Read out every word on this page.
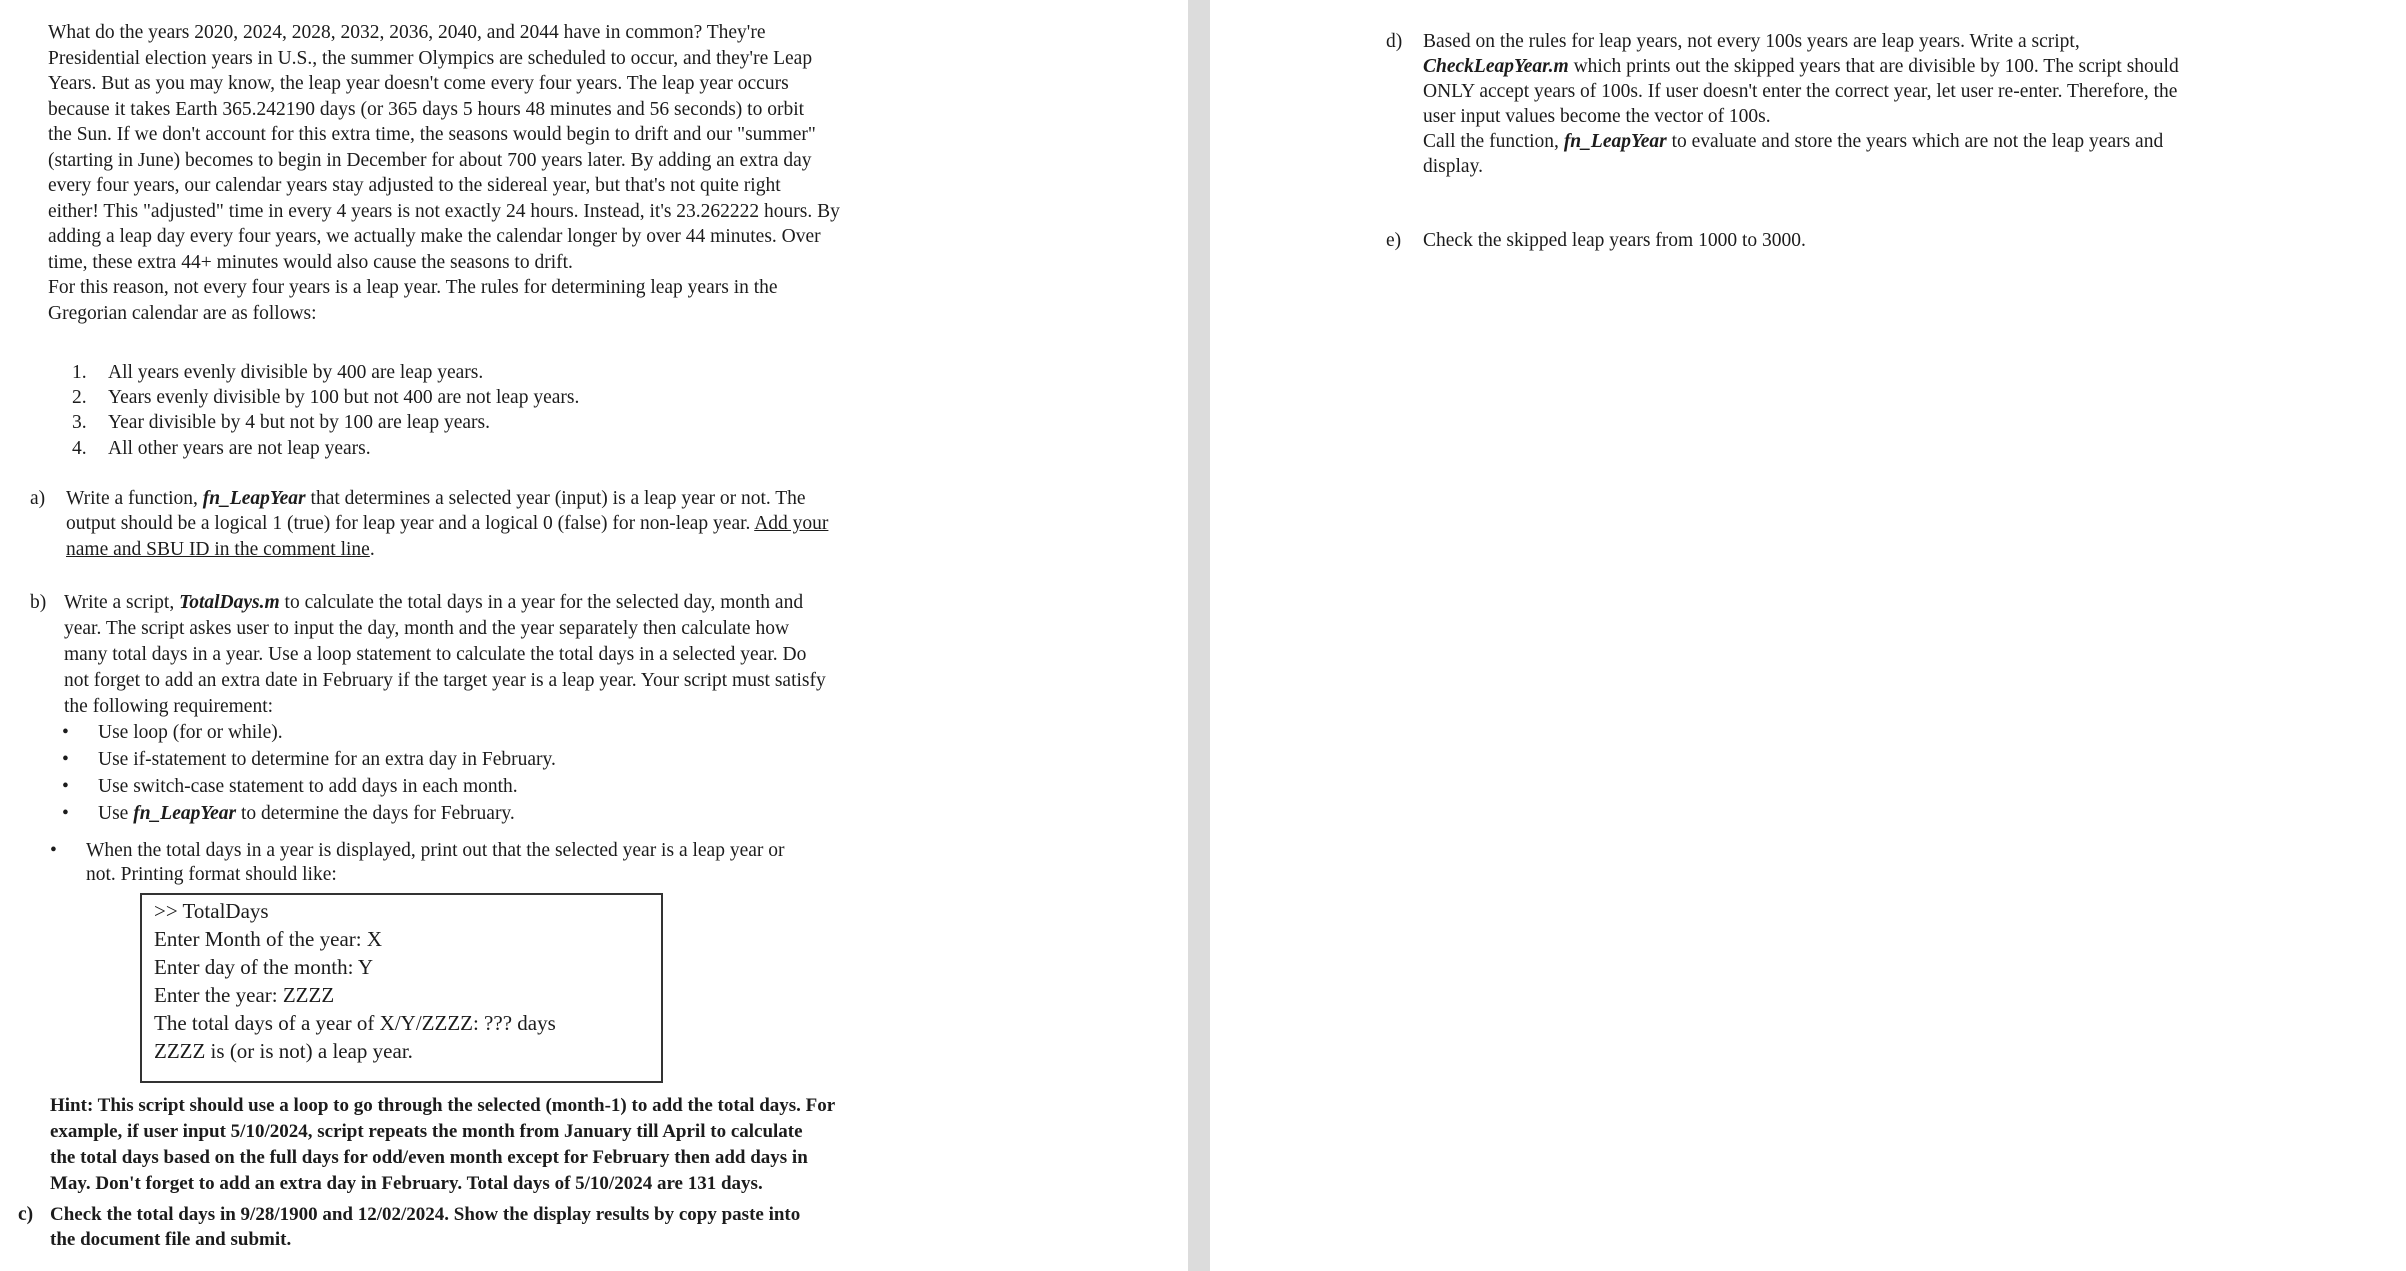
What do the years 2020, 2024, 2028, 2032, 2036, 2040, and 2044 have in common? They're
Presidential election years in U.S., the summer Olympics are scheduled to occur, and they're Leap
Years. But as you may know, the leap year doesn't come every four years. The leap year occurs
because it takes Earth 365.242190 days (or 365 days 5 hours 48 minutes and 56 seconds) to orbit
the Sun. If we don't account for this extra time, the seasons would begin to drift and our "summer"
(starting in June) becomes to begin in December for about 700 years later. By adding an extra day
every four years, our calendar years stay adjusted to the sidereal year, but that's not quite right
either! This "adjusted" time in every 4 years is not exactly 24 hours. Instead, it's 23.262222 hours. By
adding a leap day every four years, we actually make the calendar longer by over 44 minutes. Over
time, these extra 44+ minutes would also cause the seasons to drift.
For this reason, not every four years is a leap year. The rules for determining leap years in the
Gregorian calendar are as follows:

1. All years evenly divisible by 400 are leap years.

2. Years evenly divisible by 100 but not 400 are not leap years.

3. Year divisible by 4 but not by 100 are leap years.

4. All other years are not leap years.

a) Write a function, fn_LeapYear that determines a selected year (input) is a leap year or not. The

output should be a logical 1 (true) for leap year and a logical 0 (false) for non-leap year. Add your

name and SBU ID in the comment line.

b) Write a script, TotalDays.m to calculate the total days in a year for the selected day, month and

year. The script askes user to input the day, month and the year separately then calculate how

many total days in a year. Use a loop statement to calculate the total days in a selected year. Do

not forget to add an extra date in February if the target year is a leap year. Your script must satisfy

the following requirement:

• Use loop (for or while).

• Use if-statement to determine for an extra day in February.

• Use switch-case statement to add days in each month.

• Use fn_LeapYear to determine the days for February.

• When the total days in a year is displayed, print out that the selected year is a leap year or

not. Printing format should like:

>> TotalDays
Enter Month of the year: X
Enter day of the month: Y
Enter the year: ZZZZ
The total days of a year of X/Y/ZZZZ: ??? days
ZZZZ is (or is not) a leap year.

Hint: This script should use a loop to go through the selected (month-1) to add the total days. For

example, if user input 5/10/2024, script repeats the month from January till April to calculate

the total days based on the full days for odd/even month except for February then add days in

May. Don't forget to add an extra day in February. Total days of 5/10/2024 are 131 days.

c) Check the total days in 9/28/1900 and 12/02/2024. Show the display results by copy paste into

the document file and submit.

d) Based on the rules for leap years, not every 100s years are leap years. Write a script,

CheckLeapYear.m which prints out the skipped years that are divisible by 100. The script should

ONLY accept years of 100s. If user doesn't enter the correct year, let user re-enter. Therefore, the

user input values become the vector of 100s.

Call the function, fn_LeapYear to evaluate and store the years which are not the leap years and

display.

e) Check the skipped leap years from 1000 to 3000.
